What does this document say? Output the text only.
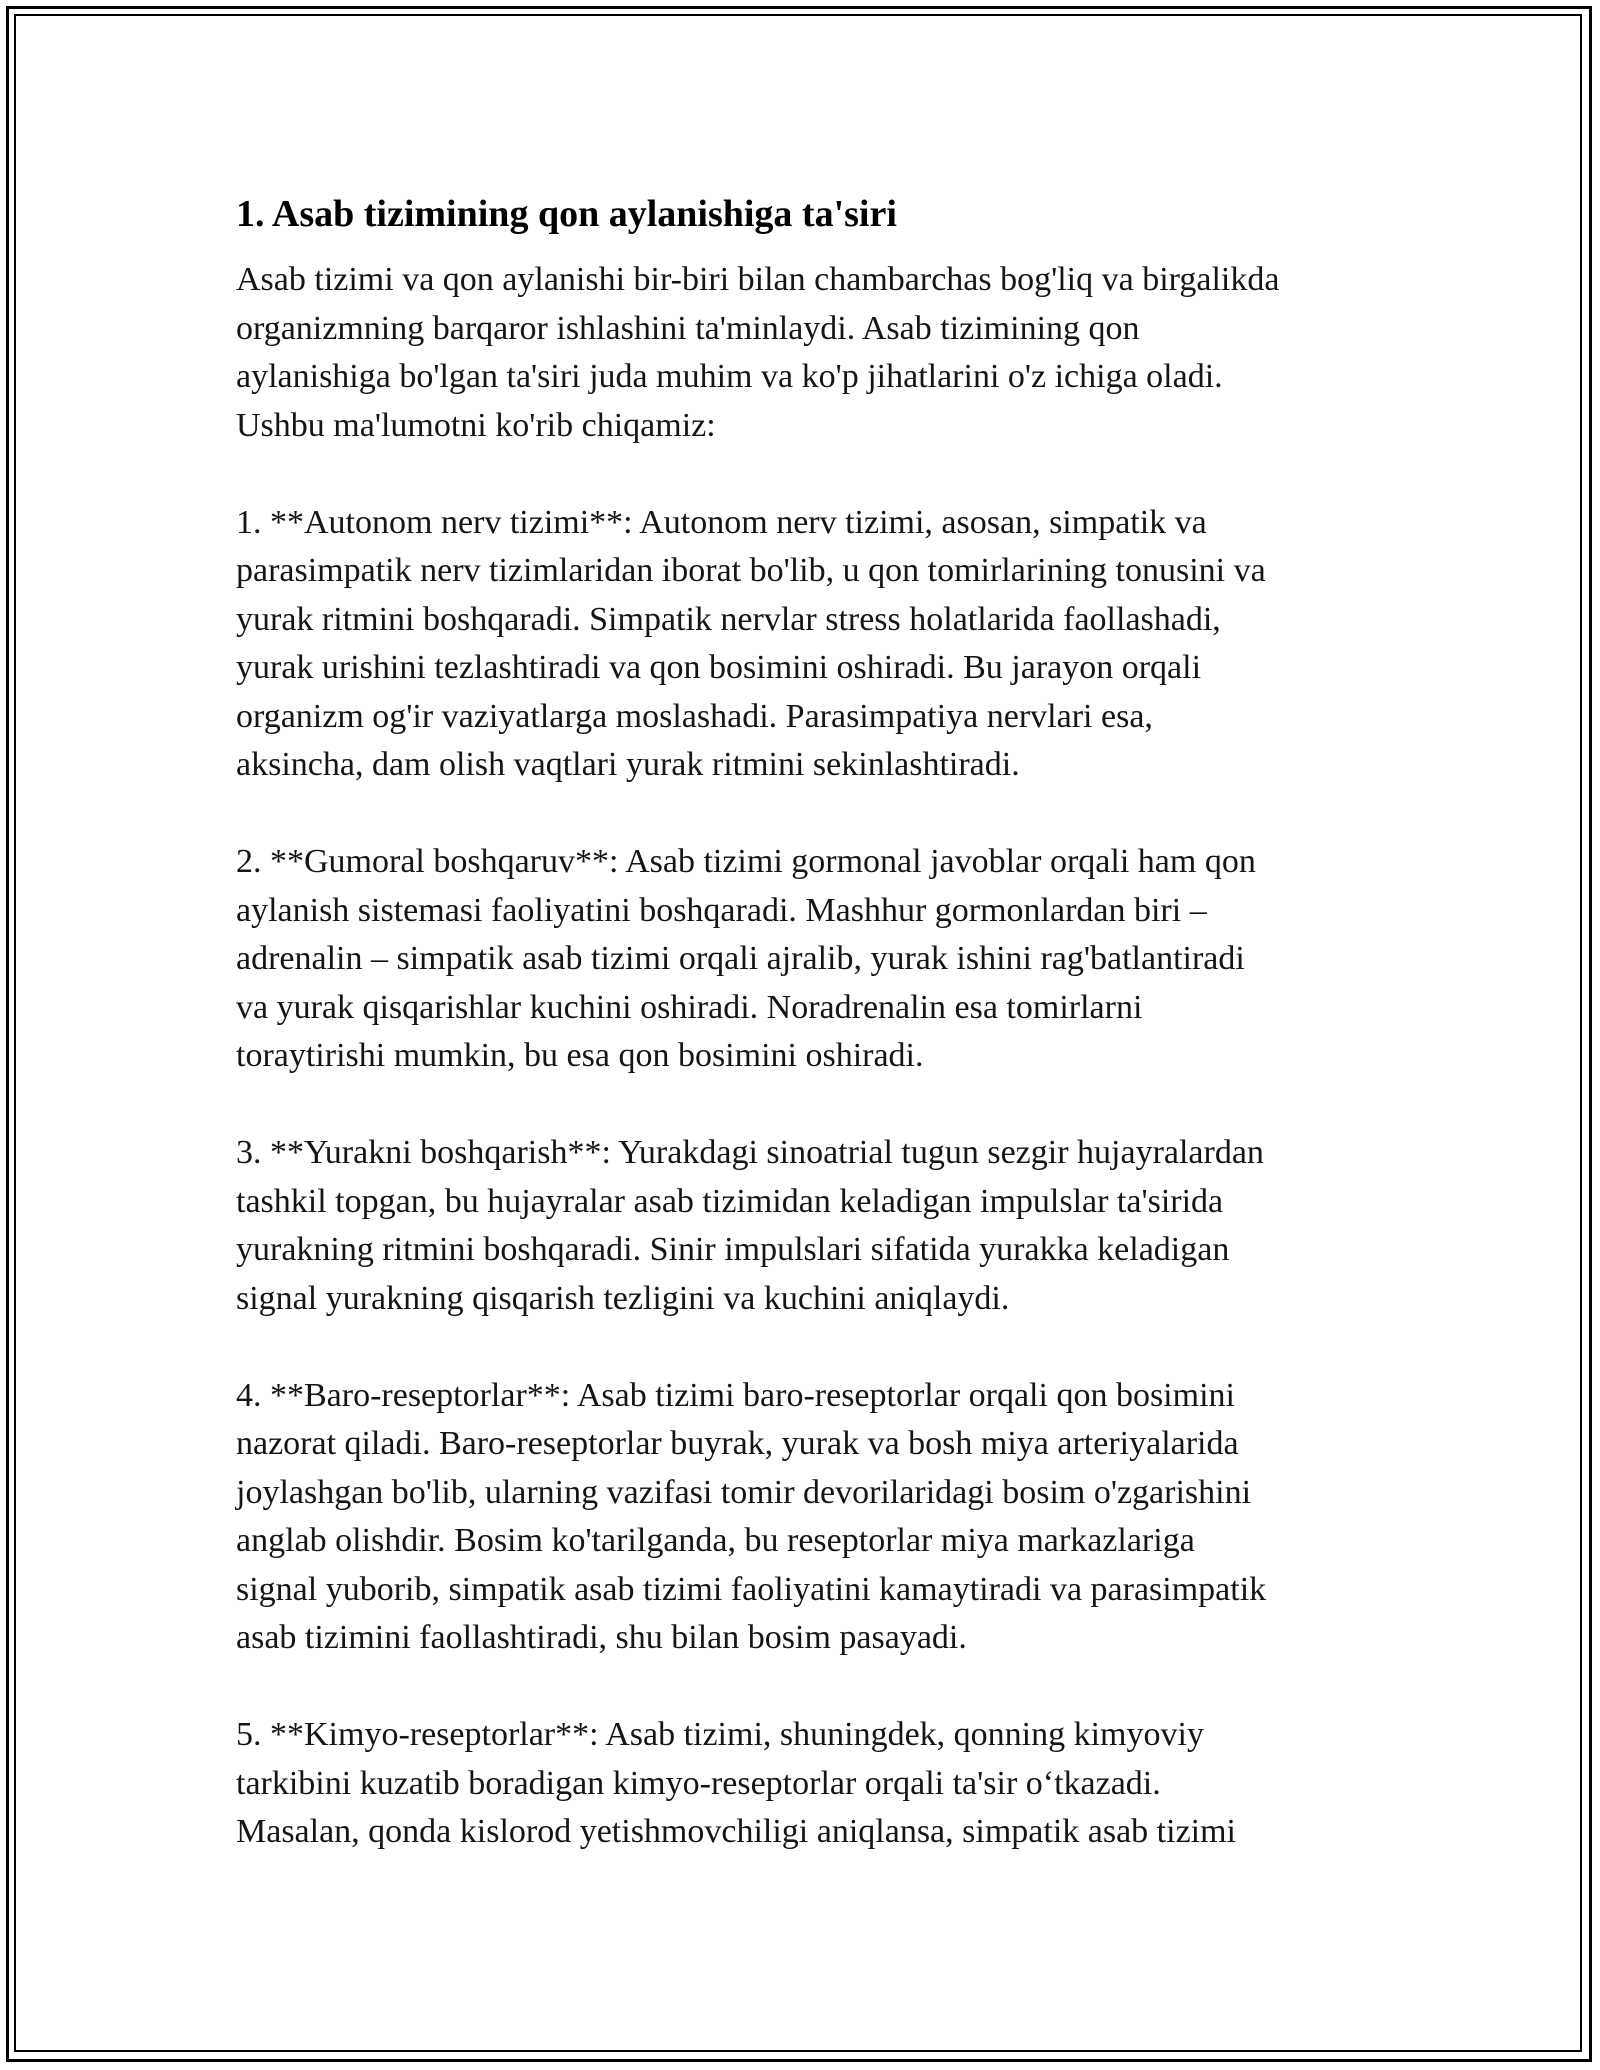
1. Asab tizimining qon aylanishiga ta'siri

Asab tizimi va qon aylanishi bir-biri bilan chambarchas bog'liq va birgalikda
organizmning barqaror ishlashini ta'minlaydi. Asab tizimining qon
aylanishiga bo'lgan ta'siri juda muhim va ko'p jihatlarini o'z ichiga oladi.
Ushbu ma'lumotni ko'rib chiqamiz:

1. **Autonom nerv tizimi**: Autonom nerv tizimi, asosan, simpatik va
parasimpatik nerv tizimlaridan iborat bo'lib, u qon tomirlarining tonusini va
yurak ritmini boshqaradi. Simpatik nervlar stress holatlarida faollashadi,
yurak urishini tezlashtiradi va qon bosimini oshiradi. Bu jarayon orqali
organizm og'ir vaziyatlarga moslashadi. Parasimpatiya nervlari esa,
aksincha, dam olish vaqtlari yurak ritmini sekinlashtiradi.

2. **Gumoral boshqaruv**: Asab tizimi gormonal javoblar orqali ham qon
aylanish sistemasi faoliyatini boshqaradi. Mashhur gormonlardan biri –
adrenalin – simpatik asab tizimi orqali ajralib, yurak ishini rag'batlantiradi
va yurak qisqarishlar kuchini oshiradi. Noradrenalin esa tomirlarni
toraytirishi mumkin, bu esa qon bosimini oshiradi.

3. **Yurakni boshqarish**: Yurakdagi sinoatrial tugun sezgir hujayralardan
tashkil topgan, bu hujayralar asab tizimidan keladigan impulslar ta'sirida
yurakning ritmini boshqaradi. Sinir impulslari sifatida yurakka keladigan
signal yurakning qisqarish tezligini va kuchini aniqlaydi.

4. **Baro-reseptorlar**: Asab tizimi baro-reseptorlar orqali qon bosimini
nazorat qiladi. Baro-reseptorlar buyrak, yurak va bosh miya arteriyalarida
joylashgan bo'lib, ularning vazifasi tomir devorilaridagi bosim o'zgarishini
anglab olishdir. Bosim ko'tarilganda, bu reseptorlar miya markazlariga
signal yuborib, simpatik asab tizimi faoliyatini kamaytiradi va parasimpatik
asab tizimini faollashtiradi, shu bilan bosim pasayadi.

5. **Kimyo-reseptorlar**: Asab tizimi, shuningdek, qonning kimyoviy
tarkibini kuzatib boradigan kimyo-reseptorlar orqali ta'sir o‘tkazadi.
Masalan, qonda kislorod yetishmovchiligi aniqlansa, simpatik asab tizimi
